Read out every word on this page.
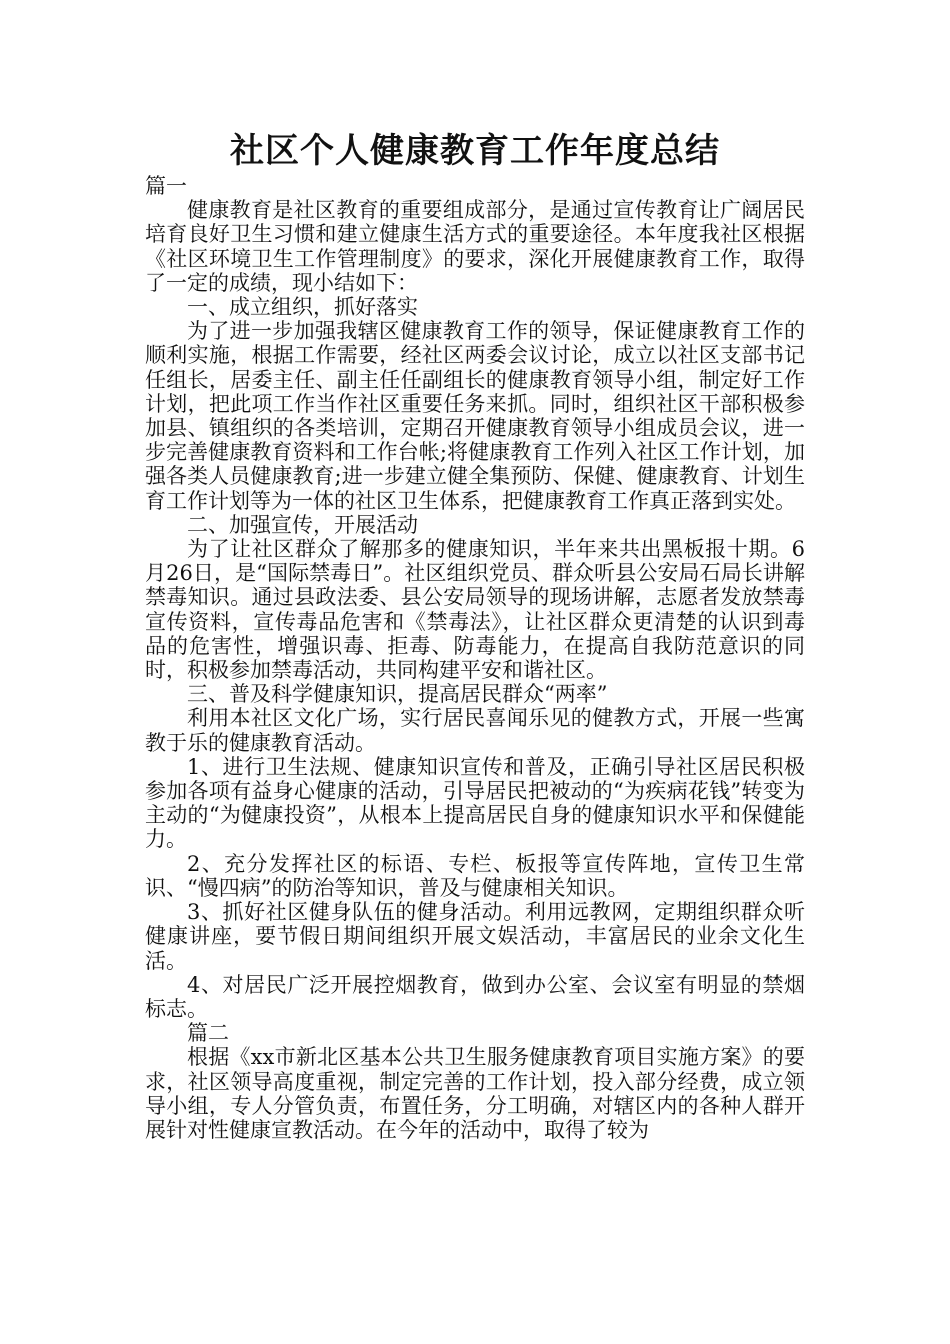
社区个人健康教育工作年度总结

篇一

健康教育是社区教育的重要组成部分，是通过宣传教育让广阔居民培育良好卫生习惯和建立健康生活方式的重要途径。本年度我社区根据《社区环境卫生工作管理制度》的要求，深化开展健康教育工作，取得了一定的成绩，现小结如下：

一、成立组织，抓好落实

为了进一步加强我辖区健康教育工作的领导，保证健康教育工作的顺利实施，根据工作需要，经社区两委会议讨论，成立以社区支部书记任组长，居委主任、副主任任副组长的健康教育领导小组，制定好工作计划，把此项工作当作社区重要任务来抓。同时，组织社区干部积极参加县、镇组织的各类培训，定期召开健康教育领导小组成员会议，进一步完善健康教育资料和工作台帐;将健康教育工作列入社区工作计划，加强各类人员健康教育;进一步建立健全集预防、保健、健康教育、计划生育工作计划等为一体的社区卫生体系，把健康教育工作真正落到实处。

二、加强宣传，开展活动

为了让社区群众了解那多的健康知识，半年来共出黑板报十期。6月26日，是“国际禁毒日”。社区组织党员、群众听县公安局石局长讲解禁毒知识。通过县政法委、县公安局领导的现场讲解，志愿者发放禁毒宣传资料，宣传毒品危害和《禁毒法》，让社区群众更清楚的认识到毒品的危害性，增强识毒、拒毒、防毒能力，在提高自我防范意识的同时，积极参加禁毒活动，共同构建平安和谐社区。

三、普及科学健康知识，提高居民群众“两率”

利用本社区文化广场，实行居民喜闻乐见的健教方式，开展一些寓教于乐的健康教育活动。

1、进行卫生法规、健康知识宣传和普及，正确引导社区居民积极参加各项有益身心健康的活动，引导居民把被动的“为疾病花钱”转变为主动的“为健康投资”，从根本上提高居民自身的健康知识水平和保健能力。

2、充分发挥社区的标语、专栏、板报等宣传阵地，宣传卫生常识、“慢四病”的防治等知识，普及与健康相关知识。

3、抓好社区健身队伍的健身活动。利用远教网，定期组织群众听健康讲座，要节假日期间组织开展文娱活动，丰富居民的业余文化生活。

4、对居民广泛开展控烟教育，做到办公室、会议室有明显的禁烟标志。

篇二

根据《xx市新北区基本公共卫生服务健康教育项目实施方案》的要求，社区领导高度重视，制定完善的工作计划，投入部分经费，成立领导小组，专人分管负责，布置任务，分工明确，对辖区内的各种人群开展针对性健康宣教活动。在今年的活动中，取得了较为
